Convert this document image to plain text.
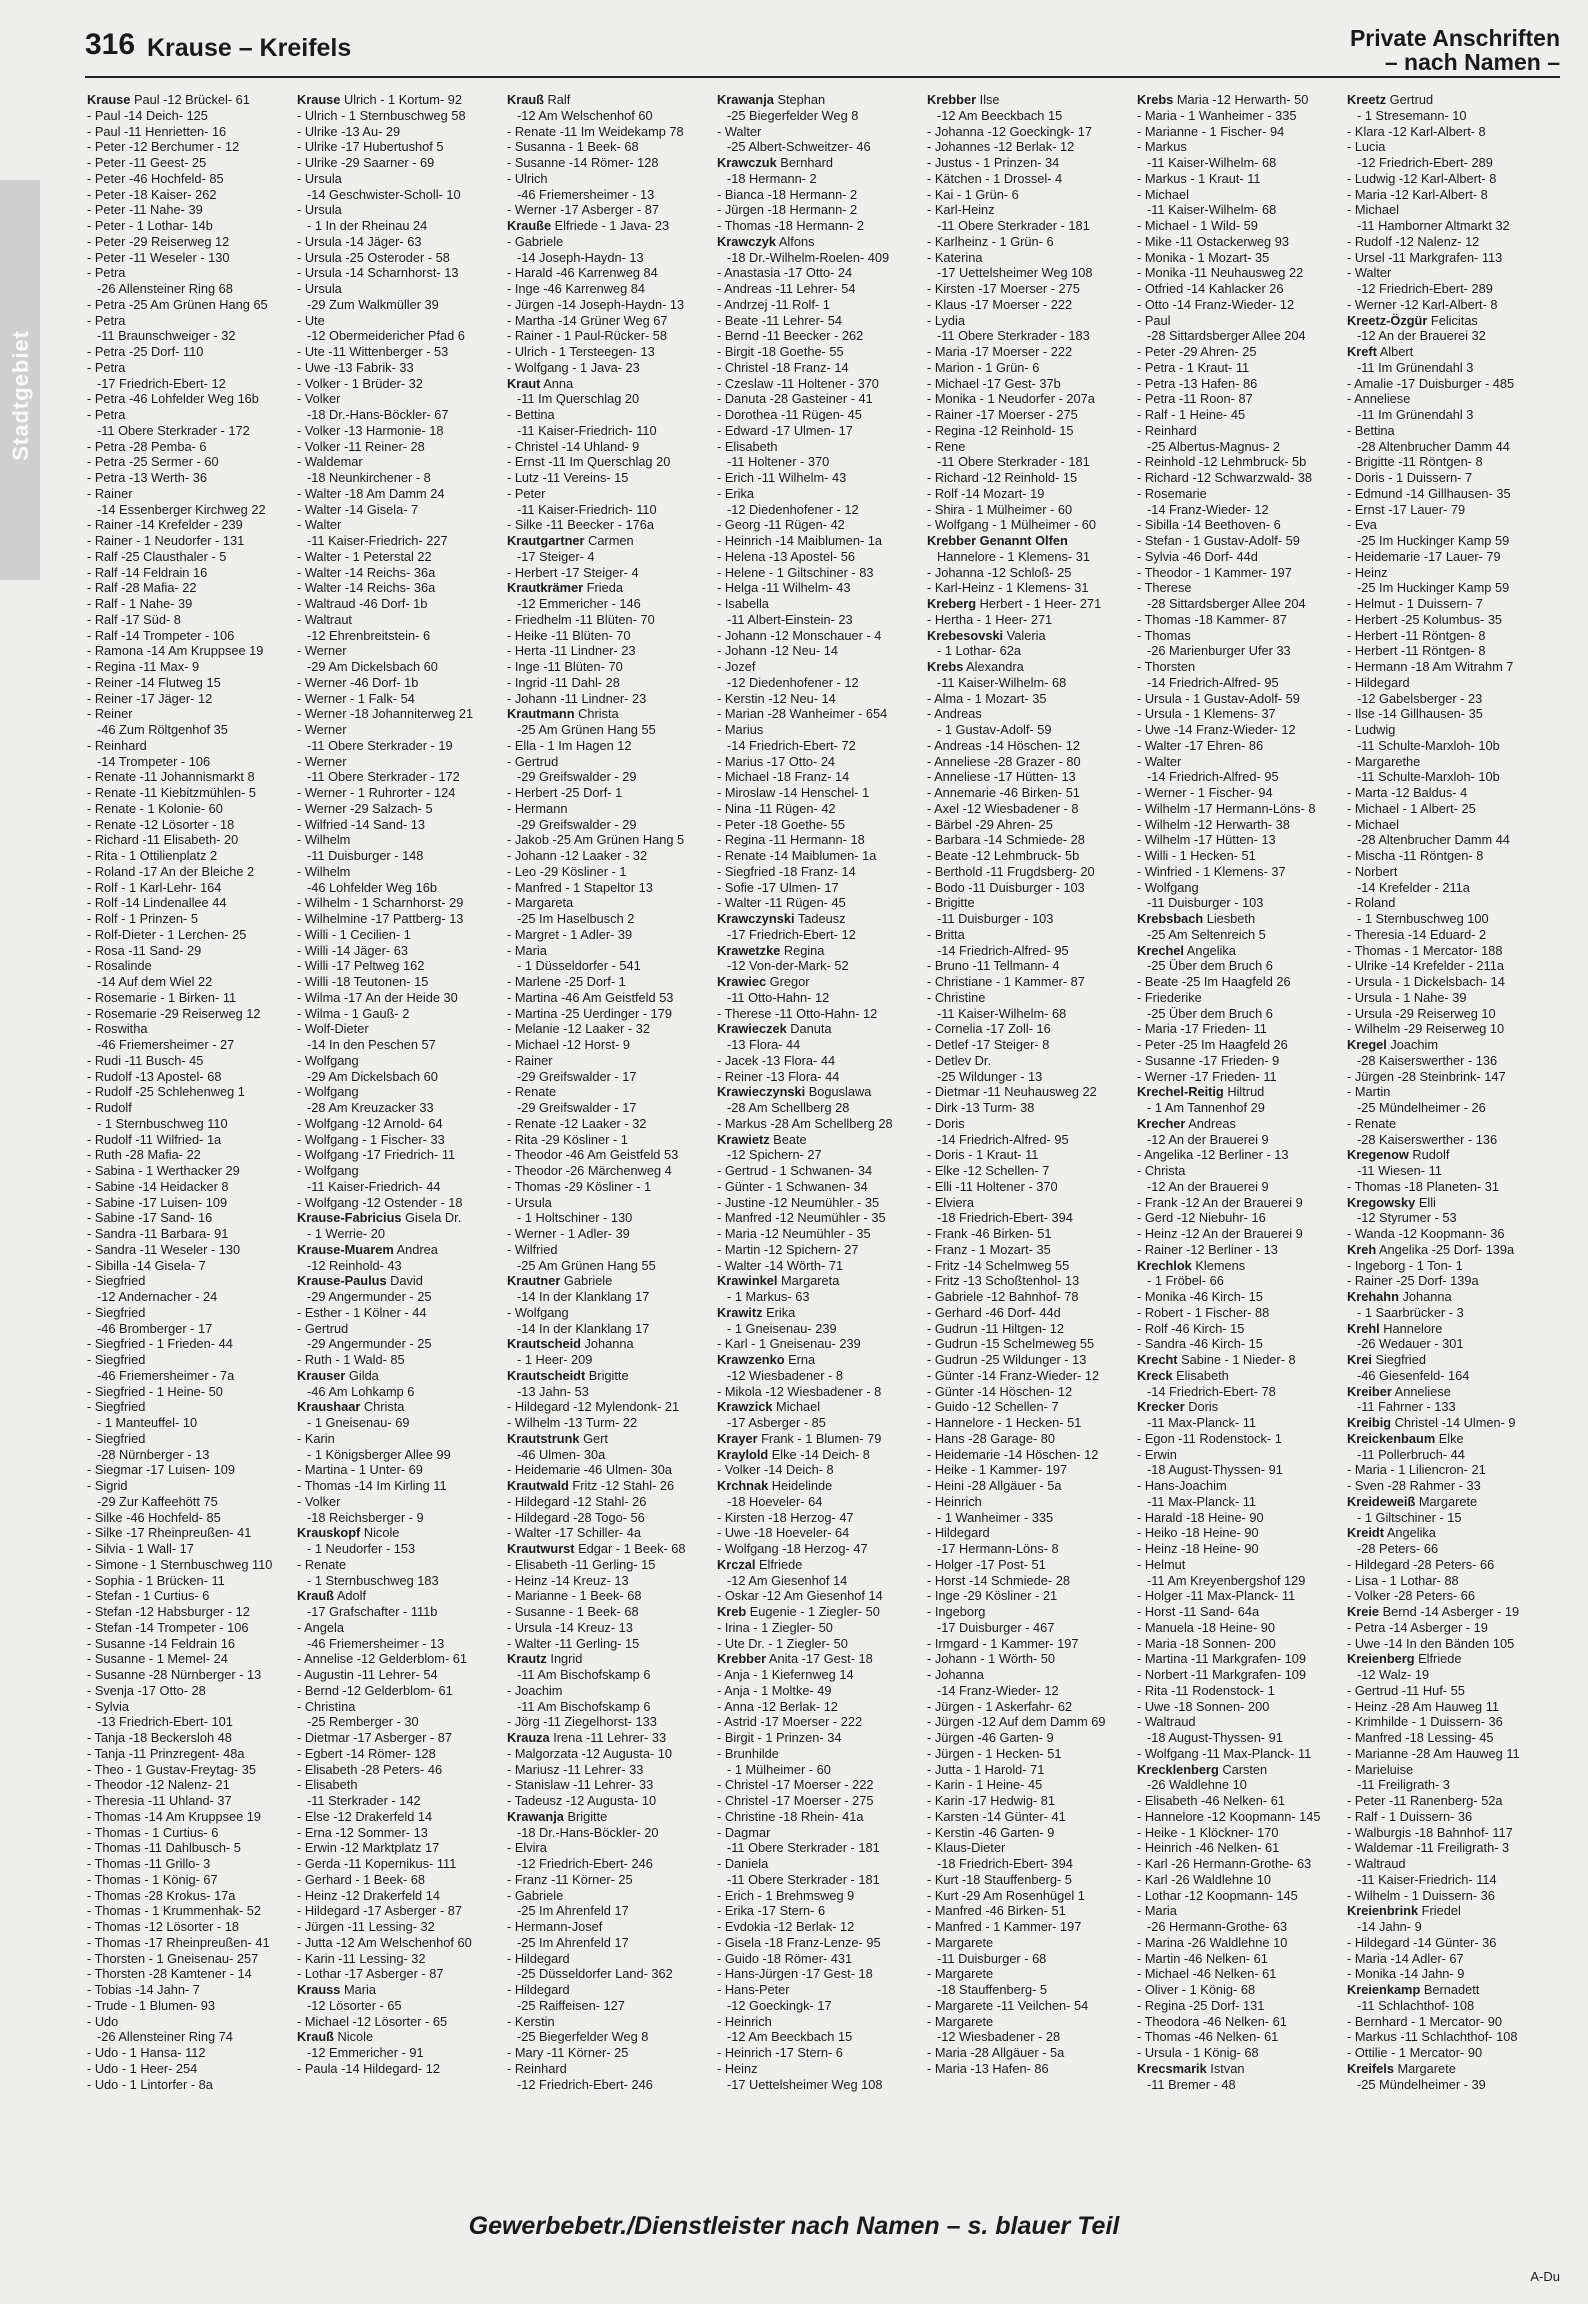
316 Krause – Kreifels	Private Anschriften
– nach Namen –
Stadtgebiet
Krause Paul -12 Brückel- 61
- Paul -14 Deich- 125
- Paul -11 Henrietten- 16
- Peter -12 Berchumer - 12
- Peter -11 Geest- 25
- Peter -46 Hochfeld- 85
- Peter -18 Kaiser- 262
- Peter -11 Nahe- 39
- Peter - 1 Lothar- 14b
- Peter -29 Reiserweg 12
- Peter -11 Weseler - 130
- Petra
-26 Allensteiner Ring 68
- Petra -25 Am Grünen Hang 65
- Petra
-11 Braunschweiger - 32
- Petra -25 Dorf- 110
- Petra
-17 Friedrich-Ebert- 12
- Petra -46 Lohfelder Weg 16b
- Petra
-11 Obere Sterkrader - 172
- Petra -28 Pemba- 6
- Petra -25 Sermer - 60
- Petra -13 Werth- 36
- Rainer
-14 Essenberger Kirchweg 22
- Rainer -14 Krefelder - 239
- Rainer - 1 Neudorfer - 131
- Ralf -25 Clausthaler - 5
- Ralf -14 Feldrain 16
- Ralf -28 Mafia- 22
- Ralf - 1 Nahe- 39
- Ralf -17 Süd- 8
- Ralf -14 Trompeter - 106
- Ramona -14 Am Kruppsee 19
- Regina -11 Max- 9
- Reiner -14 Flutweg 15
- Reiner -17 Jäger- 12
- Reiner
-46 Zum Röltgenhof 35
- Reinhard
-14 Trompeter - 106
- Renate -11 Johannismarkt 8
- Renate -11 Kiebitzmühlen- 5
- Renate - 1 Kolonie- 60
- Renate -12 Lösorter - 18
- Richard -11 Elisabeth- 20
- Rita - 1 Ottilienplatz 2
- Roland -17 An der Bleiche 2
- Rolf - 1 Karl-Lehr- 164
- Rolf -14 Lindenallee 44
- Rolf - 1 Prinzen- 5
- Rolf-Dieter - 1 Lerchen- 25
- Rosa -11 Sand- 29
- Rosalinde
-14 Auf dem Wiel 22
- Rosemarie - 1 Birken- 11
- Rosemarie -29 Reiserweg 12
- Roswitha
-46 Friemersheimer - 27
- Rudi -11 Busch- 45
- Rudolf -13 Apostel- 68
- Rudolf -25 Schlehenweg 1
- Rudolf
- 1 Sternbuschweg 110
- Rudolf -11 Wilfried- 1a
- Ruth -28 Mafia- 22
- Sabina - 1 Werthacker 29
- Sabine -14 Heidacker 8
- Sabine -17 Luisen- 109
- Sabine -17 Sand- 16
- Sandra -11 Barbara- 91
- Sandra -11 Weseler - 130
- Sibilla -14 Gisela- 7
- Siegfried
-12 Andernacher - 24
- Siegfried
-46 Bromberger - 17
- Siegfried - 1 Frieden- 44
- Siegfried
-46 Friemersheimer - 7a
- Siegfried - 1 Heine- 50
- Siegfried
- 1 Manteuffel- 10
- Siegfried
-28 Nürnberger - 13
- Siegmar -17 Luisen- 109
- Sigrid
-29 Zur Kaffeehött 75
- Silke -46 Hochfeld- 85
- Silke -17 Rheinpreußen- 41
- Silvia - 1 Wall- 17
- Simone - 1 Sternbuschweg 110
- Sophia - 1 Brücken- 11
- Stefan - 1 Curtius- 6
- Stefan -12 Habsburger - 12
- Stefan -14 Trompeter - 106
- Susanne -14 Feldrain 16
- Susanne - 1 Memel- 24
- Susanne -28 Nürnberger - 13
- Svenja -17 Otto- 28
- Sylvia
-13 Friedrich-Ebert- 101
- Tanja -18 Beckersloh 48
- Tanja -11 Prinzregent- 48a
- Theo - 1 Gustav-Freytag- 35
- Theodor -12 Nalenz- 21
- Theresia -11 Uhland- 37
- Thomas -14 Am Kruppsee 19
- Thomas - 1 Curtius- 6
- Thomas -11 Dahlbusch- 5
- Thomas -11 Grillo- 3
- Thomas - 1 König- 67
- Thomas -28 Krokus- 17a
- Thomas - 1 Krummenhak- 52
- Thomas -12 Lösorter - 18
- Thomas -17 Rheinpreußen- 41
- Thorsten - 1 Gneisenau- 257
- Thorsten -28 Kamtener - 14
- Tobias -14 Jahn- 7
- Trude - 1 Blumen- 93
- Udo
-26 Allensteiner Ring 74
- Udo - 1 Hansa- 112
- Udo - 1 Heer- 254
- Udo - 1 Lintorfer - 8a
Krause Ulrich - 1 Kortum- 92
- Ulrich - 1 Sternbuschweg 58
- Ulrike -13 Au- 29
- Ulrike -17 Hubertushof 5
- Ulrike -29 Saarner - 69
- Ursula
-14 Geschwister-Scholl- 10
- Ursula
- 1 In der Rheinau 24
- Ursula -14 Jäger- 63
- Ursula -25 Osteroder - 58
- Ursula -14 Scharnhorst- 13
- Ursula
-29 Zum Walkmüller 39
- Ute
-12 Obermeidericher Pfad 6
- Ute -11 Wittenberger - 53
- Uwe -13 Fabrik- 33
- Volker - 1 Brüder- 32
- Volker
-18 Dr.-Hans-Böckler- 67
- Volker -13 Harmonie- 18
- Volker -11 Reiner- 28
- Waldemar
-18 Neunkirchener - 8
- Walter -18 Am Damm 24
- Walter -14 Gisela- 7
- Walter
-11 Kaiser-Friedrich- 227
- Walter - 1 Peterstal 22
- Walter -14 Reichs- 36a
- Walter -14 Reichs- 36a
- Waltraud -46 Dorf- 1b
- Waltraut
-12 Ehrenbreitstein- 6
- Werner
-29 Am Dickelsbach 60
- Werner -46 Dorf- 1b
- Werner - 1 Falk- 54
- Werner -18 Johanniterweg 21
- Werner
-11 Obere Sterkrader - 19
- Werner
-11 Obere Sterkrader - 172
- Werner - 1 Ruhrorter - 124
- Werner -29 Salzach- 5
- Wilfried -14 Sand- 13
- Wilhelm
-11 Duisburger - 148
- Wilhelm
-46 Lohfelder Weg 16b
- Wilhelm - 1 Scharnhorst- 29
- Wilhelmine -17 Pattberg- 13
- Willi - 1 Cecilien- 1
- Willi -14 Jäger- 63
- Willi -17 Peltweg 162
- Willi -18 Teutonen- 15
- Wilma -17 An der Heide 30
- Wilma - 1 Gauß- 2
- Wolf-Dieter
-14 In den Peschen 57
- Wolfgang
-29 Am Dickelsbach 60
- Wolfgang
-28 Am Kreuzacker 33
- Wolfgang -12 Arnold- 64
- Wolfgang - 1 Fischer- 33
- Wolfgang -17 Friedrich- 11
- Wolfgang
-11 Kaiser-Friedrich- 44
- Wolfgang -12 Ostender - 18
Krause-Fabricius Gisela Dr.
- 1 Werrie- 20
Krause-Muarem Andrea
-12 Reinhold- 43
Krause-Paulus David
-29 Angermunder - 25
- Esther - 1 Kölner - 44
- Gertrud
-29 Angermunder - 25
- Ruth - 1 Wald- 85
Krauser Gilda
-46 Am Lohkamp 6
Kraushaar Christa
- 1 Gneisenau- 69
- Karin
- 1 Königsberger Allee 99
- Martina - 1 Unter- 69
- Thomas -14 Im Kirling 11
- Volker
-18 Reichsberger - 9
Krauskopf Nicole
- 1 Neudorfer - 153
- Renate
- 1 Sternbuschweg 183
Krauß Adolf
-17 Grafschafter - 111b
- Angela
-46 Friemersheimer - 13
- Annelise -12 Gelderblom- 61
- Augustin -11 Lehrer- 54
- Bernd -12 Gelderblom- 61
- Christina
-25 Remberger - 30
- Dietmar -17 Asberger - 87
- Egbert -14 Römer- 128
- Elisabeth -28 Peters- 46
- Elisabeth
-11 Sterkrader - 142
- Else -12 Drakerfeld 14
- Erna -12 Sommer- 13
- Erwin -12 Marktplatz 17
- Gerda -11 Kopernikus- 111
- Gerhard - 1 Beek- 68
- Heinz -12 Drakerfeld 14
- Hildegard -17 Asberger - 87
- Jürgen -11 Lessing- 32
- Jutta -12 Am Welschenhof 60
- Karin -11 Lessing- 32
- Lothar -17 Asberger - 87
Krauss Maria
-12 Lösorter - 65
- Michael -12 Lösorter - 65
Krauß Nicole
-12 Emmericher - 91
- Paula -14 Hildegard- 12
Krauß Ralf
-12 Am Welschenhof 60
- Renate -11 Im Weidekamp 78
- Susanna - 1 Beek- 68
- Susanne -14 Römer- 128
- Ulrich
-46 Friemersheimer - 13
- Werner -17 Asberger - 87
Krauße Elfriede - 1 Java- 23
- Gabriele
-14 Joseph-Haydn- 13
- Harald -46 Karrenweg 84
- Inge -46 Karrenweg 84
- Jürgen -14 Joseph-Haydn- 13
- Martha -14 Grüner Weg 67
- Rainer - 1 Paul-Rücker- 58
- Ulrich - 1 Tersteegen- 13
- Wolfgang - 1 Java- 23
Kraut Anna
-11 Im Querschlag 20
- Bettina
-11 Kaiser-Friedrich- 110
- Christel -14 Uhland- 9
- Ernst -11 Im Querschlag 20
- Lutz -11 Vereins- 15
- Peter
-11 Kaiser-Friedrich- 110
- Silke -11 Beecker - 176a
Krautgartner Carmen
-17 Steiger- 4
- Herbert -17 Steiger- 4
Krautkrämer Frieda
-12 Emmericher - 146
- Friedhelm -11 Blüten- 70
- Heike -11 Blüten- 70
- Herta -11 Lindner- 23
- Inge -11 Blüten- 70
- Ingrid -11 Dahl- 28
- Johann -11 Lindner- 23
Krautmann Christa
-25 Am Grünen Hang 55
- Ella - 1 Im Hagen 12
- Gertrud
-29 Greifswalder - 29
- Herbert -25 Dorf- 1
- Hermann
-29 Greifswalder - 29
- Jakob -25 Am Grünen Hang 5
- Johann -12 Laaker - 32
- Leo -29 Kösliner - 1
- Manfred - 1 Stapeltor 13
- Margareta
-25 Im Haselbusch 2
- Margret - 1 Adler- 39
- Maria
- 1 Düsseldorfer - 541
- Marlene -25 Dorf- 1
- Martina -46 Am Geistfeld 53
- Martina -25 Uerdinger - 179
- Melanie -12 Laaker - 32
- Michael -12 Horst- 9
- Rainer
-29 Greifswalder - 17
- Renate
-29 Greifswalder - 17
- Renate -12 Laaker - 32
- Rita -29 Kösliner - 1
- Theodor -46 Am Geistfeld 53
- Theodor -26 Märchenweg 4
- Thomas -29 Kösliner - 1
- Ursula
- 1 Holtschiner - 130
- Werner - 1 Adler- 39
- Wilfried
-25 Am Grünen Hang 55
Krautner Gabriele
-14 In der Klanklang 17
- Wolfgang
-14 In der Klanklang 17
Krautscheid Johanna
- 1 Heer- 209
Krautscheidt Brigitte
-13 Jahn- 53
- Hildegard -12 Mylendonk- 21
- Wilhelm -13 Turm- 22
Krautstrunk Gert
-46 Ulmen- 30a
- Heidemarie -46 Ulmen- 30a
Krautwald Fritz -12 Stahl- 26
- Hildegard -12 Stahl- 26
- Hildegard -28 Togo- 56
- Walter -17 Schiller- 4a
Krautwurst Edgar - 1 Beek- 68
- Elisabeth -11 Gerling- 15
- Heinz -14 Kreuz- 13
- Marianne - 1 Beek- 68
- Susanne - 1 Beek- 68
- Ursula -14 Kreuz- 13
- Walter -11 Gerling- 15
Krautz Ingrid
-11 Am Bischofskamp 6
- Joachim
-11 Am Bischofskamp 6
- Jörg -11 Ziegelhorst- 133
Krauza Irena -11 Lehrer- 33
- Malgorzata -12 Augusta- 10
- Mariusz -11 Lehrer- 33
- Stanislaw -11 Lehrer- 33
- Tadeusz -12 Augusta- 10
Krawanja Brigitte
-18 Dr.-Hans-Böckler- 20
- Elvira
-12 Friedrich-Ebert- 246
- Franz -11 Körner- 25
- Gabriele
-25 Im Ahrenfeld 17
- Hermann-Josef
-25 Im Ahrenfeld 17
- Hildegard
-25 Düsseldorfer Land- 362
- Hildegard
-25 Raiffeisen- 127
- Kerstin
-25 Biegerfelder Weg 8
- Mary -11 Körner- 25
- Reinhard
-12 Friedrich-Ebert- 246
Krawanja Stephan
-25 Biegerfelder Weg 8
- Walter
-25 Albert-Schweitzer- 46
Krawczuk Bernhard
-18 Hermann- 2
- Bianca -18 Hermann- 2
- Jürgen -18 Hermann- 2
- Thomas -18 Hermann- 2
Krawczyk Alfons
-18 Dr.-Wilhelm-Roelen- 409
- Anastasia -17 Otto- 24
- Andreas -11 Lehrer- 54
- Andrzej -11 Rolf- 1
- Beate -11 Lehrer- 54
- Bernd -11 Beecker - 262
- Birgit -18 Goethe- 55
- Christel -18 Franz- 14
- Czeslaw -11 Holtener - 370
- Danuta -28 Gasteiner - 41
- Dorothea -11 Rügen- 45
- Edward -17 Ulmen- 17
- Elisabeth
-11 Holtener - 370
- Erich -11 Wilhelm- 43
- Erika
-12 Diedenhofener - 12
- Georg -11 Rügen- 42
- Heinrich -14 Maiblumen- 1a
- Helena -13 Apostel- 56
- Helene - 1 Giltschiner - 83
- Helga -11 Wilhelm- 43
- Isabella
-11 Albert-Einstein- 23
- Johann -12 Monschauer - 4
- Johann -12 Neu- 14
- Jozef
-12 Diedenhofener - 12
- Kerstin -12 Neu- 14
- Marian -28 Wanheimer - 654
- Marius
-14 Friedrich-Ebert- 72
- Marius -17 Otto- 24
- Michael -18 Franz- 14
- Miroslaw -14 Henschel- 1
- Nina -11 Rügen- 42
- Peter -18 Goethe- 55
- Regina -11 Hermann- 18
- Renate -14 Maiblumen- 1a
- Siegfried -18 Franz- 14
- Sofie -17 Ulmen- 17
- Walter -11 Rügen- 45
Krawczynski Tadeusz
-17 Friedrich-Ebert- 12
Krawetzke Regina
-12 Von-der-Mark- 52
Krawiec Gregor
-11 Otto-Hahn- 12
- Therese -11 Otto-Hahn- 12
Krawieczek Danuta
-13 Flora- 44
- Jacek -13 Flora- 44
- Reiner -13 Flora- 44
Krawieczynski Boguslawa
-28 Am Schellberg 28
- Markus -28 Am Schellberg 28
Krawietz Beate
-12 Spichern- 27
- Gertrud - 1 Schwanen- 34
- Günter - 1 Schwanen- 34
- Justine -12 Neumühler - 35
- Manfred -12 Neumühler - 35
- Maria -12 Neumühler - 35
- Martin -12 Spichern- 27
- Walter -14 Wörth- 71
Krawinkel Margareta
- 1 Markus- 63
Krawitz Erika
- 1 Gneisenau- 239
- Karl - 1 Gneisenau- 239
Krawzenko Erna
-12 Wiesbadener - 8
- Mikola -12 Wiesbadener - 8
Krawzick Michael
-17 Asberger - 85
Krayer Frank - 1 Blumen- 79
Kraylold Elke -14 Deich- 8
- Volker -14 Deich- 8
Krchnak Heidelinde
-18 Hoeveler- 64
- Kirsten -18 Herzog- 47
- Uwe -18 Hoeveler- 64
- Wolfgang -18 Herzog- 47
Krczal Elfriede
-12 Am Giesenhof 14
- Oskar -12 Am Giesenhof 14
Kreb Eugenie - 1 Ziegler- 50
- Irina - 1 Ziegler- 50
- Ute Dr. - 1 Ziegler- 50
Krebber Anita -17 Gest- 18
- Anja - 1 Kiefernweg 14
- Anja - 1 Moltke- 49
- Anna -12 Berlak- 12
- Astrid -17 Moerser - 222
- Birgit - 1 Prinzen- 34
- Brunhilde
- 1 Mülheimer - 60
- Christel -17 Moerser - 222
- Christel -17 Moerser - 275
- Christine -18 Rhein- 41a
- Dagmar
-11 Obere Sterkrader - 181
- Daniela
-11 Obere Sterkrader - 181
- Erich - 1 Brehmsweg 9
- Erika -17 Stern- 6
- Evdokia -12 Berlak- 12
- Gisela -18 Franz-Lenze- 95
- Guido -18 Römer- 431
- Hans-Jürgen -17 Gest- 18
- Hans-Peter
-12 Goeckingk- 17
- Heinrich
-12 Am Beeckbach 15
- Heinrich -17 Stern- 6
- Heinz
-17 Uettelsheimer Weg 108
Krebber Ilse
-12 Am Beeckbach 15
- Johanna -12 Goeckingk- 17
- Johannes -12 Berlak- 12
- Justus - 1 Prinzen- 34
- Kätchen - 1 Drossel- 4
- Kai - 1 Grün- 6
- Karl-Heinz
-11 Obere Sterkrader - 181
- Karlheinz - 1 Grün- 6
- Katerina
-17 Uettelsheimer Weg 108
- Kirsten -17 Moerser - 275
- Klaus -17 Moerser - 222
- Lydia
-11 Obere Sterkrader - 183
- Maria -17 Moerser - 222
- Marion - 1 Grün- 6
- Michael -17 Gest- 37b
- Monika - 1 Neudorfer - 207a
- Rainer -17 Moerser - 275
- Regina -12 Reinhold- 15
- Rene
-11 Obere Sterkrader - 181
- Richard -12 Reinhold- 15
- Rolf -14 Mozart- 19
- Shira - 1 Mülheimer - 60
- Wolfgang - 1 Mülheimer - 60
Krebber Genannt Olfen
Hannelore - 1 Klemens- 31
- Johanna -12 Schloß- 25
- Karl-Heinz - 1 Klemens- 31
Kreberg Herbert - 1 Heer- 271
- Hertha - 1 Heer- 271
Krebesovski Valeria
- 1 Lothar- 62a
Krebs Alexandra
-11 Kaiser-Wilhelm- 68
- Alma - 1 Mozart- 35
- Andreas
- 1 Gustav-Adolf- 59
- Andreas -14 Höschen- 12
- Anneliese -28 Grazer - 80
- Anneliese -17 Hütten- 13
- Annemarie -46 Birken- 51
- Axel -12 Wiesbadener - 8
- Bärbel -29 Ahren- 25
- Barbara -14 Schmiede- 28
- Beate -12 Lehmbruck- 5b
- Berthold -11 Frugdsberg- 20
- Bodo -11 Duisburger - 103
- Brigitte
-11 Duisburger - 103
- Britta
-14 Friedrich-Alfred- 95
- Bruno -11 Tellmann- 4
- Christiane - 1 Kammer- 87
- Christine
-11 Kaiser-Wilhelm- 68
- Cornelia -17 Zoll- 16
- Detlef -17 Steiger- 8
- Detlev Dr.
-25 Wildunger - 13
- Dietmar -11 Neuhausweg 22
- Dirk -13 Turm- 38
- Doris
-14 Friedrich-Alfred- 95
- Doris - 1 Kraut- 11
- Elke -12 Schellen- 7
- Elli -11 Holtener - 370
- Elviera
-18 Friedrich-Ebert- 394
- Frank -46 Birken- 51
- Franz - 1 Mozart- 35
- Fritz -14 Schelmweg 55
- Fritz -13 Schoßtenhol- 13
- Gabriele -12 Bahnhof- 78
- Gerhard -46 Dorf- 44d
- Gudrun -11 Hiltgen- 12
- Gudrun -15 Schelmeweg 55
- Gudrun -25 Wildunger - 13
- Günter -14 Franz-Wieder- 12
- Günter -14 Höschen- 12
- Guido -12 Schellen- 7
- Hannelore - 1 Hecken- 51
- Hans -28 Garage- 80
- Heidemarie -14 Höschen- 12
- Heike - 1 Kammer- 197
- Heini -28 Allgäuer - 5a
- Heinrich
- 1 Wanheimer - 335
- Hildegard
-17 Hermann-Löns- 8
- Holger -17 Post- 51
- Horst -14 Schmiede- 28
- Inge -29 Kösliner - 21
- Ingeborg
-17 Duisburger - 467
- Irmgard - 1 Kammer- 197
- Johann - 1 Wörth- 50
- Johanna
-14 Franz-Wieder- 12
- Jürgen - 1 Askerfahr- 62
- Jürgen -12 Auf dem Damm 69
- Jürgen -46 Garten- 9
- Jürgen - 1 Hecken- 51
- Jutta - 1 Harold- 71
- Karin - 1 Heine- 45
- Karin -17 Hedwig- 81
- Karsten -14 Günter- 41
- Kerstin -46 Garten- 9
- Klaus-Dieter
-18 Friedrich-Ebert- 394
- Kurt -18 Stauffenberg- 5
- Kurt -29 Am Rosenhügel 1
- Manfred -46 Birken- 51
- Manfred - 1 Kammer- 197
- Margarete
-11 Duisburger - 68
- Margarete
-18 Stauffenberg- 5
- Margarete -11 Veilchen- 54
- Margarete
-12 Wiesbadener - 28
- Maria -28 Allgäuer - 5a
- Maria -13 Hafen- 86
Krebs Maria -12 Herwarth- 50
- Maria - 1 Wanheimer - 335
- Marianne - 1 Fischer- 94
- Markus
-11 Kaiser-Wilhelm- 68
- Markus - 1 Kraut- 11
- Michael
-11 Kaiser-Wilhelm- 68
- Michael - 1 Wild- 59
- Mike -11 Ostackerweg 93
- Monika - 1 Mozart- 35
- Monika -11 Neuhausweg 22
- Otfried -14 Kahlacker 26
- Otto -14 Franz-Wieder- 12
- Paul
-28 Sittardsberger Allee 204
- Peter -29 Ahren- 25
- Petra - 1 Kraut- 11
- Petra -13 Hafen- 86
- Petra -11 Roon- 87
- Ralf - 1 Heine- 45
- Reinhard
-25 Albertus-Magnus- 2
- Reinhold -12 Lehmbruck- 5b
- Richard -12 Schwarzwald- 38
- Rosemarie
-14 Franz-Wieder- 12
- Sibilla -14 Beethoven- 6
- Stefan - 1 Gustav-Adolf- 59
- Sylvia -46 Dorf- 44d
- Theodor - 1 Kammer- 197
- Therese
-28 Sittardsberger Allee 204
- Thomas -18 Kammer- 87
- Thomas
-26 Marienburger Ufer 33
- Thorsten
-14 Friedrich-Alfred- 95
- Ursula - 1 Gustav-Adolf- 59
- Ursula - 1 Klemens- 37
- Uwe -14 Franz-Wieder- 12
- Walter -17 Ehren- 86
- Walter
-14 Friedrich-Alfred- 95
- Werner - 1 Fischer- 94
- Wilhelm -17 Hermann-Löns- 8
- Wilhelm -12 Herwarth- 38
- Wilhelm -17 Hütten- 13
- Willi - 1 Hecken- 51
- Winfried - 1 Klemens- 37
- Wolfgang
-11 Duisburger - 103
Krebsbach Liesbeth
-25 Am Seltenreich 5
Krechel Angelika
-25 Über dem Bruch 6
- Beate -25 Im Haagfeld 26
- Friederike
-25 Über dem Bruch 6
- Maria -17 Frieden- 11
- Peter -25 Im Haagfeld 26
- Susanne -17 Frieden- 9
- Werner -17 Frieden- 11
Krechel-Reitig Hiltrud
- 1 Am Tannenhof 29
Krecher Andreas
-12 An der Brauerei 9
- Angelika -12 Berliner - 13
- Christa
-12 An der Brauerei 9
- Frank -12 An der Brauerei 9
- Gerd -12 Niebuhr- 16
- Heinz -12 An der Brauerei 9
- Rainer -12 Berliner - 13
Krechlok Klemens
- 1 Fröbel- 66
- Monika -46 Kirch- 15
- Robert - 1 Fischer- 88
- Rolf -46 Kirch- 15
- Sandra -46 Kirch- 15
Krecht Sabine - 1 Nieder- 8
Kreck Elisabeth
-14 Friedrich-Ebert- 78
Krecker Doris
-11 Max-Planck- 11
- Egon -11 Rodenstock- 1
- Erwin
-18 August-Thyssen- 91
- Hans-Joachim
-11 Max-Planck- 11
- Harald -18 Heine- 90
- Heiko -18 Heine- 90
- Heinz -18 Heine- 90
- Helmut
-11 Am Kreyenbergshof 129
- Holger -11 Max-Planck- 11
- Horst -11 Sand- 64a
- Manuela -18 Heine- 90
- Maria -18 Sonnen- 200
- Martina -11 Markgrafen- 109
- Norbert -11 Markgrafen- 109
- Rita -11 Rodenstock- 1
- Uwe -18 Sonnen- 200
- Waltraud
-18 August-Thyssen- 91
- Wolfgang -11 Max-Planck- 11
Krecklenberg Carsten
-26 Waldlehne 10
- Elisabeth -46 Nelken- 61
- Hannelore -12 Koopmann- 145
- Heike - 1 Klöckner- 170
- Heinrich -46 Nelken- 61
- Karl -26 Hermann-Grothe- 63
- Karl -26 Waldlehne 10
- Lothar -12 Koopmann- 145
- Maria
-26 Hermann-Grothe- 63
- Marina -26 Waldlehne 10
- Martin -46 Nelken- 61
- Michael -46 Nelken- 61
- Oliver - 1 König- 68
- Regina -25 Dorf- 131
- Theodora -46 Nelken- 61
- Thomas -46 Nelken- 61
- Ursula - 1 König- 68
Krecsmarik Istvan
-11 Bremer - 48
Kreetz Gertrud
- 1 Stresemann- 10
- Klara -12 Karl-Albert- 8
- Lucia
-12 Friedrich-Ebert- 289
- Ludwig -12 Karl-Albert- 8
- Maria -12 Karl-Albert- 8
- Michael
-11 Hamborner Altmarkt 32
- Rudolf -12 Nalenz- 12
- Ursel -11 Markgrafen- 113
- Walter
-12 Friedrich-Ebert- 289
- Werner -12 Karl-Albert- 8
Kreetz-Özgür Felicitas
-12 An der Brauerei 32
Kreft Albert
-11 Im Grünendahl 3
- Amalie -17 Duisburger - 485
- Anneliese
-11 Im Grünendahl 3
- Bettina
-28 Altenbrucher Damm 44
- Brigitte -11 Röntgen- 8
- Doris - 1 Duissern- 7
- Edmund -14 Gillhausen- 35
- Ernst -17 Lauer- 79
- Eva
-25 Im Huckinger Kamp 59
- Heidemarie -17 Lauer- 79
- Heinz
-25 Im Huckinger Kamp 59
- Helmut - 1 Duissern- 7
- Herbert -25 Kolumbus- 35
- Herbert -11 Röntgen- 8
- Herbert -11 Röntgen- 8
- Hermann -18 Am Witrahm 7
- Hildegard
-12 Gabelsberger - 23
- Ilse -14 Gillhausen- 35
- Ludwig
-11 Schulte-Marxloh- 10b
- Margarethe
-11 Schulte-Marxloh- 10b
- Marta -12 Baldus- 4
- Michael - 1 Albert- 25
- Michael
-28 Altenbrucher Damm 44
- Mischa -11 Röntgen- 8
- Norbert
-14 Krefelder - 211a
- Roland
- 1 Sternbuschweg 100
- Theresia -14 Eduard- 2
- Thomas - 1 Mercator- 188
- Ulrike -14 Krefelder - 211a
- Ursula - 1 Dickelsbach- 14
- Ursula - 1 Nahe- 39
- Ursula -29 Reiserweg 10
- Wilhelm -29 Reiserweg 10
Kregel Joachim
-28 Kaiserswerther - 136
- Jürgen -28 Steinbrink- 147
- Martin
-25 Mündelheimer - 26
- Renate
-28 Kaiserswerther - 136
Kregenow Rudolf
-11 Wiesen- 11
- Thomas -18 Planeten- 31
Kregowsky Elli
-12 Styrumer - 53
- Wanda -12 Koopmann- 36
Kreh Angelika -25 Dorf- 139a
- Ingeborg - 1 Ton- 1
- Rainer -25 Dorf- 139a
Krehahn Johanna
- 1 Saarbrücker - 3
Krehl Hannelore
-26 Wedauer - 301
Krei Siegfried
-46 Giesenfeld- 164
Kreiber Anneliese
-11 Fahrner - 133
Kreibig Christel -14 Ulmen- 9
Kreickenbaum Elke
-11 Pollerbruch- 44
- Maria - 1 Liliencron- 21
- Sven -28 Rahmer - 33
Kreideweiß Margarete
- 1 Giltschiner - 15
Kreidt Angelika
-28 Peters- 66
- Hildegard -28 Peters- 66
- Lisa - 1 Lothar- 88
- Volker -28 Peters- 66
Kreie Bernd -14 Asberger - 19
- Petra -14 Asberger - 19
- Uwe -14 In den Bänden 105
Kreienberg Elfriede
-12 Walz- 19
- Gertrud -11 Huf- 55
- Heinz -28 Am Hauweg 11
- Krimhilde - 1 Duissern- 36
- Manfred -18 Lessing- 45
- Marianne -28 Am Hauweg 11
- Marieluise
-11 Freiligrath- 3
- Peter -11 Ranenberg- 52a
- Ralf - 1 Duissern- 36
- Walburgis -18 Bahnhof- 117
- Waldemar -11 Freiligrath- 3
- Waltraud
-11 Kaiser-Friedrich- 114
- Wilhelm - 1 Duissern- 36
Kreienbrink Friedel
-14 Jahn- 9
- Hildegard -14 Günter- 36
- Maria -14 Adler- 67
- Monika -14 Jahn- 9
Kreienkamp Bernadett
-11 Schlachthof- 108
- Bernhard - 1 Mercator- 90
- Markus -11 Schlachthof- 108
- Ottilie - 1 Mercator- 90
Kreifels Margarete
-25 Mündelheimer - 39
Gewerbebetr./Dienstleister nach Namen – s. blauer Teil
A-Du
